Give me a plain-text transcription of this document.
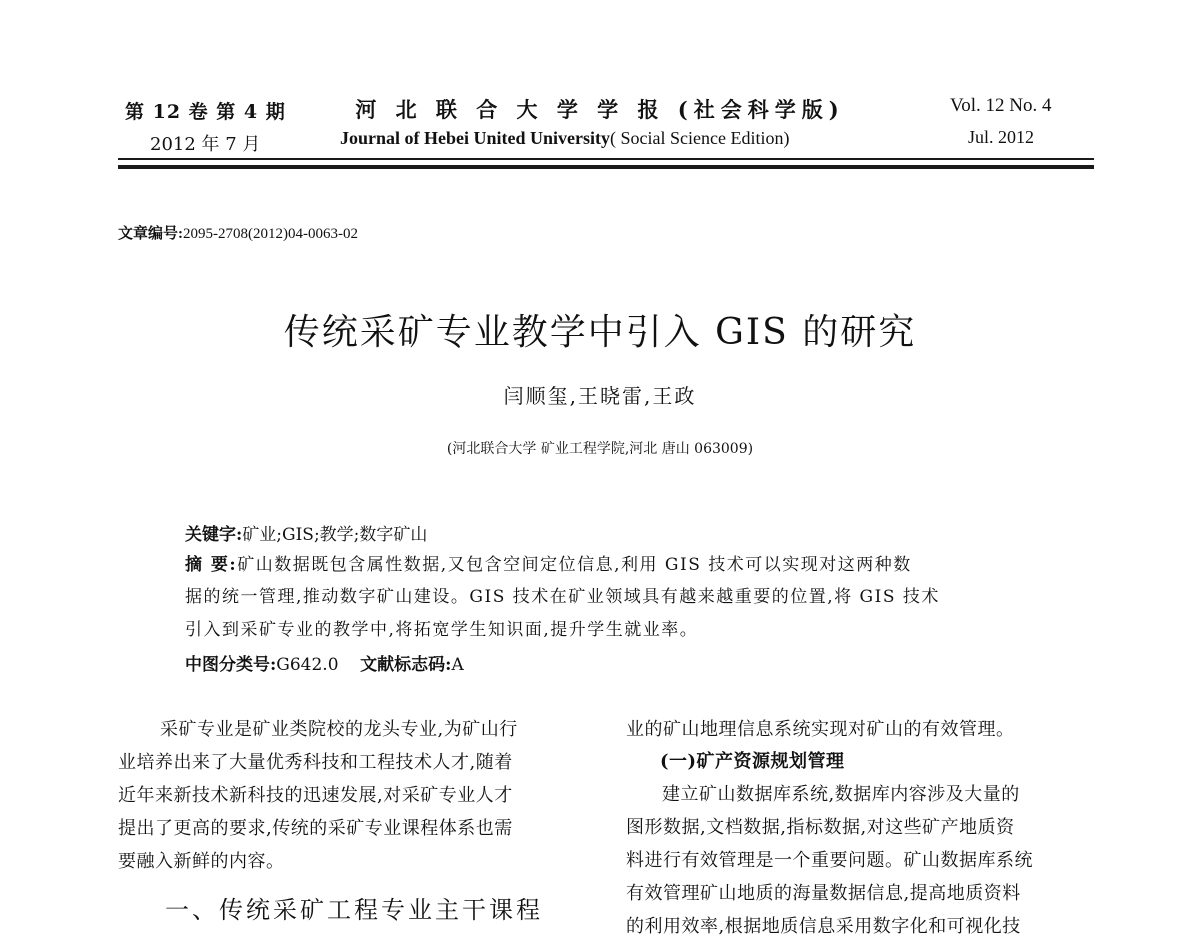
第 12 卷 第 4 期
2012 年 7 月
河 北 联 合 大 学 学 报 (社会科学版)
Journal of Hebei United University( Social Science Edition)
Vol. 12 No. 4
Jul. 2012
文章编号:2095-2708(2012)04-0063-02
传统采矿专业教学中引入 GIS 的研究
闫顺玺,王晓雷,王政
(河北联合大学 矿业工程学院,河北 唐山 063009)
关键字:矿业;GIS;教学;数字矿山
摘 要:矿山数据既包含属性数据,又包含空间定位信息,利用 GIS 技术可以实现对这两种数
据的统一管理,推动数字矿山建设。GIS 技术在矿业领域具有越来越重要的位置,将 GIS 技术
引入到采矿专业的教学中,将拓宽学生知识面,提升学生就业率。
中图分类号:G642.0 文献标志码:A
采矿专业是矿业类院校的龙头专业,为矿山行
业培养出来了大量优秀科技和工程技术人才,随着
近年来新技术新科技的迅速发展,对采矿专业人才
提出了更高的要求,传统的采矿专业课程体系也需
要融入新鲜的内容。
一、传统采矿工程专业主干课程
业的矿山地理信息系统实现对矿山的有效管理。
(一)矿产资源规划管理
建立矿山数据库系统,数据库内容涉及大量的
图形数据,文档数据,指标数据,对这些矿产地质资
料进行有效管理是一个重要问题。矿山数据库系统
有效管理矿山地质的海量数据信息,提高地质资料
的利用效率,根据地质信息采用数字化和可视化技
